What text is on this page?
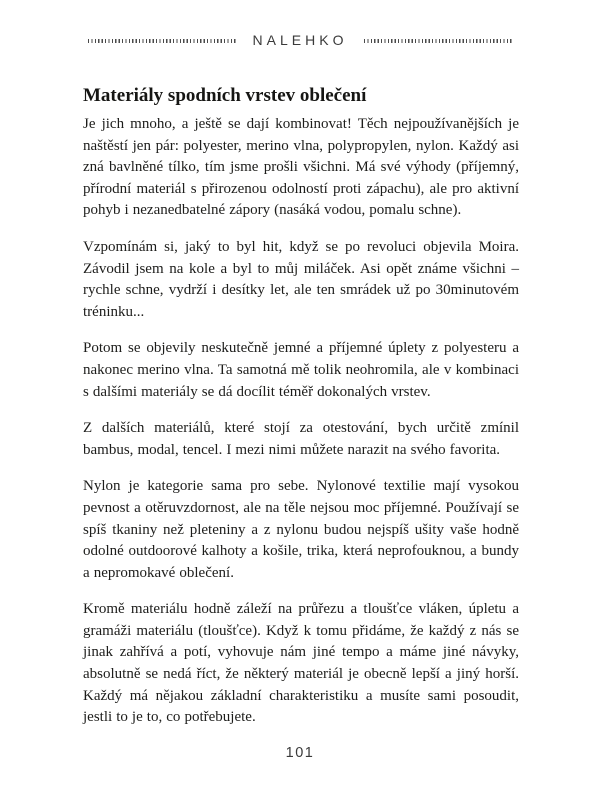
NALEHKO
Materiály spodních vrstev oblečení

Je jich mnoho, a ještě se dají kombinovat! Těch nejpoužívanějších je naštěstí jen pár: polyester, merino vlna, polypropylen, nylon. Každý asi zná bavlněné tílko, tím jsme prošli všichni. Má své výhody (příjemný, přírodní materiál s přirozenou odolností proti zápachu), ale pro aktivní pohyb i nezanedbatelné zápory (nasáká vodou, pomalu schne).

Vzpomínám si, jaký to byl hit, když se po revoluci objevila Moira. Závodil jsem na kole a byl to můj miláček. Asi opět známe všichni – rychle schne, vydrží i desítky let, ale ten smrádek už po 30minutovém tréninku...

Potom se objevily neskutečně jemné a příjemné úplety z polyesteru a nakonec merino vlna. Ta samotná mě tolik neohromila, ale v kombinaci s dalšími materiály se dá docílit téměř dokonalých vrstev.

Z dalších materiálů, které stojí za otestování, bych určitě zmínil bambus, modal, tencel. I mezi nimi můžete narazit na svého favorita.

Nylon je kategorie sama pro sebe. Nylonové textilie mají vysokou pevnost a otěruvzdornost, ale na těle nejsou moc příjemné. Používají se spíš tkaniny než pleteniny a z nylonu budou nejspíš ušity vaše hodně odolné outdoorové kalhoty a košile, trika, která neprofouknou, a bundy a nepromokavé oblečení.

Kromě materiálu hodně záleží na průřezu a tloušťce vláken, úpletu a gramáži materiálu (tloušťce). Když k tomu přidáme, že každý z nás se jinak zahřívá a potí, vyhovuje nám jiné tempo a máme jiné návyky, absolutně se nedá říct, že některý materiál je obecně lepší a jiný horší. Každý má nějakou základní charakteristiku a musíte sami posoudit, jestli to je to, co potřebujete.

101
